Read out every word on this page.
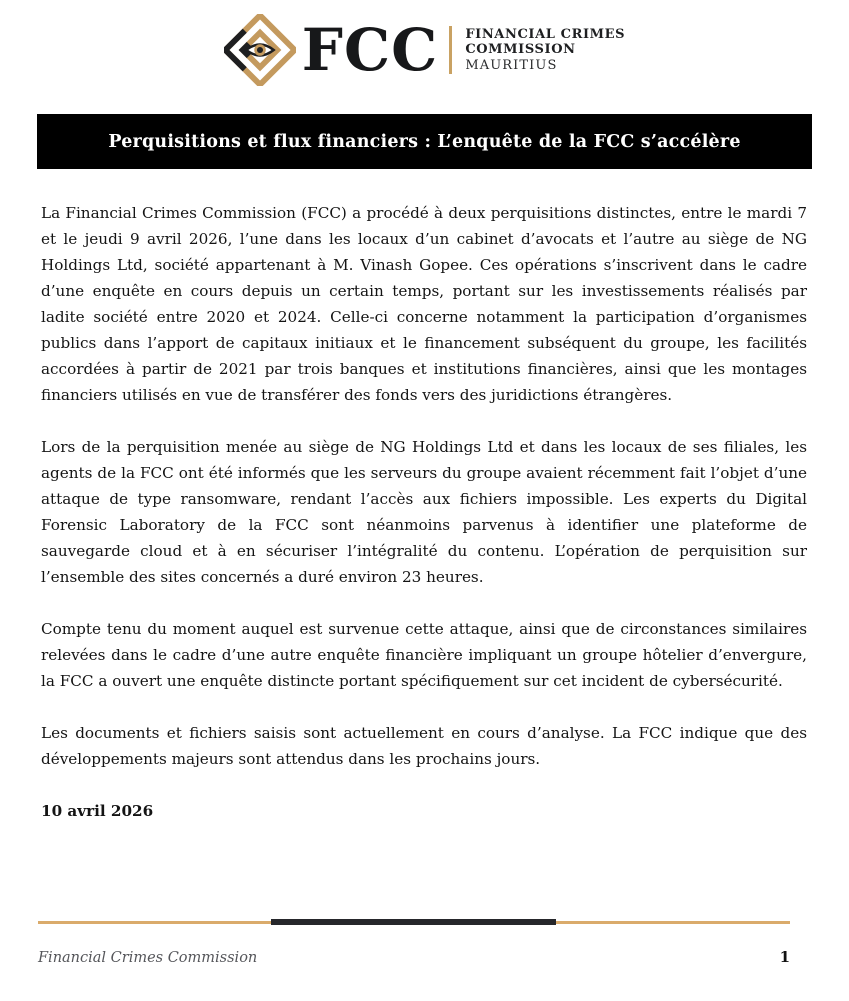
FCC FINANCIAL CRIMES
COMMISSION
MAURITIUS
Perquisitions et flux financiers : L’enquête de la FCC s’accélère

La Financial Crimes Commission (FCC) a procédé à deux perquisitions distinctes, entre le mardi 7 et le jeudi 9 avril 2026, l’une dans les locaux d’un cabinet d’avocats et l’autre au siège de NG Holdings Ltd, société appartenant à M. Vinash Gopee. Ces opérations s’inscrivent dans le cadre d’une enquête en cours depuis un certain temps, portant sur les investissements réalisés par ladite société entre 2020 et 2024. Celle-ci concerne notamment la participation d’organismes publics dans l’apport de capitaux initiaux et le financement subséquent du groupe, les facilités accordées à partir de 2021 par trois banques et institutions financières, ainsi que les montages financiers utilisés en vue de transférer des fonds vers des juridictions étrangères.

Lors de la perquisition menée au siège de NG Holdings Ltd et dans les locaux de ses filiales, les agents de la FCC ont été informés que les serveurs du groupe avaient récemment fait l’objet d’une attaque de type ransomware, rendant l’accès aux fichiers impossible. Les experts du Digital Forensic Laboratory de la FCC sont néanmoins parvenus à identifier une plateforme de sauvegarde cloud et à en sécuriser l’intégralité du contenu. L’opération de perquisition sur l’ensemble des sites concernés a duré environ 23 heures.

Compte tenu du moment auquel est survenue cette attaque, ainsi que de circonstances similaires relevées dans le cadre d’une autre enquête financière impliquant un groupe hôtelier d’envergure, la FCC a ouvert une enquête distincte portant spécifiquement sur cet incident de cybersécurité.

Les documents et fichiers saisis sont actuellement en cours d’analyse. La FCC indique que des développements majeurs sont attendus dans les prochains jours.

10 avril 2026

Financial Crimes Commission	1
